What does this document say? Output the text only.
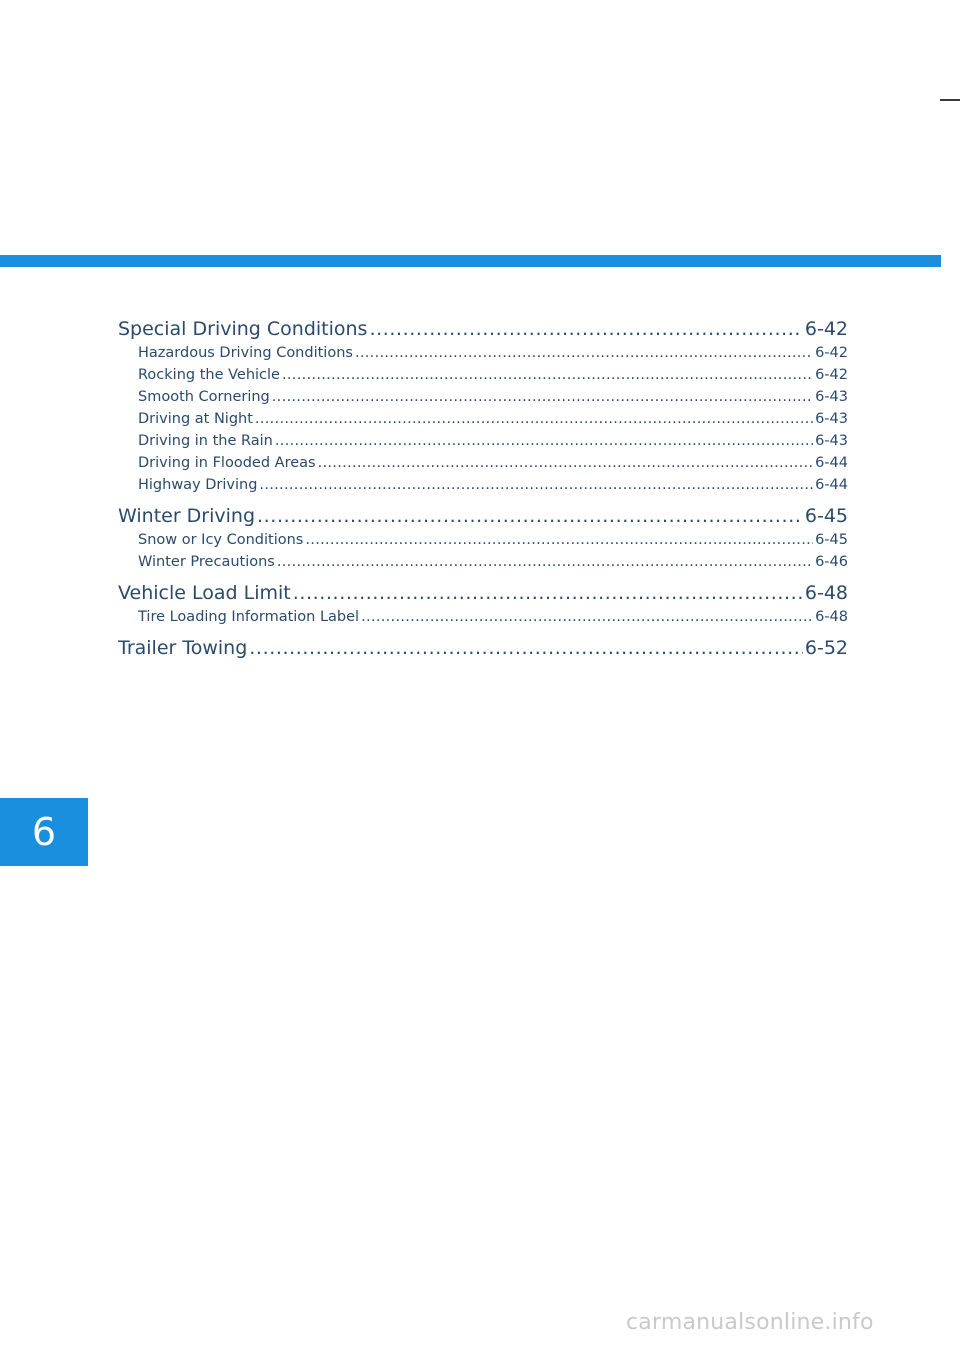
Special Driving Conditions .....	6-42
Hazardous Driving Conditions .....	6-42
Rocking the Vehicle .....	6-42
Smooth Cornering .....	6-43
Driving at Night .....	6-43
Driving in the Rain .....	6-43
Driving in Flooded Areas .....	6-44
Highway Driving .....	6-44
Winter Driving .....	6-45
Snow or Icy Conditions .....	6-45
Winter Precautions .....	6-46
Vehicle Load Limit .....	6-48
Tire Loading Information Label .....	6-48
Trailer Towing .....	6-52
6
carmanualsonline.info
